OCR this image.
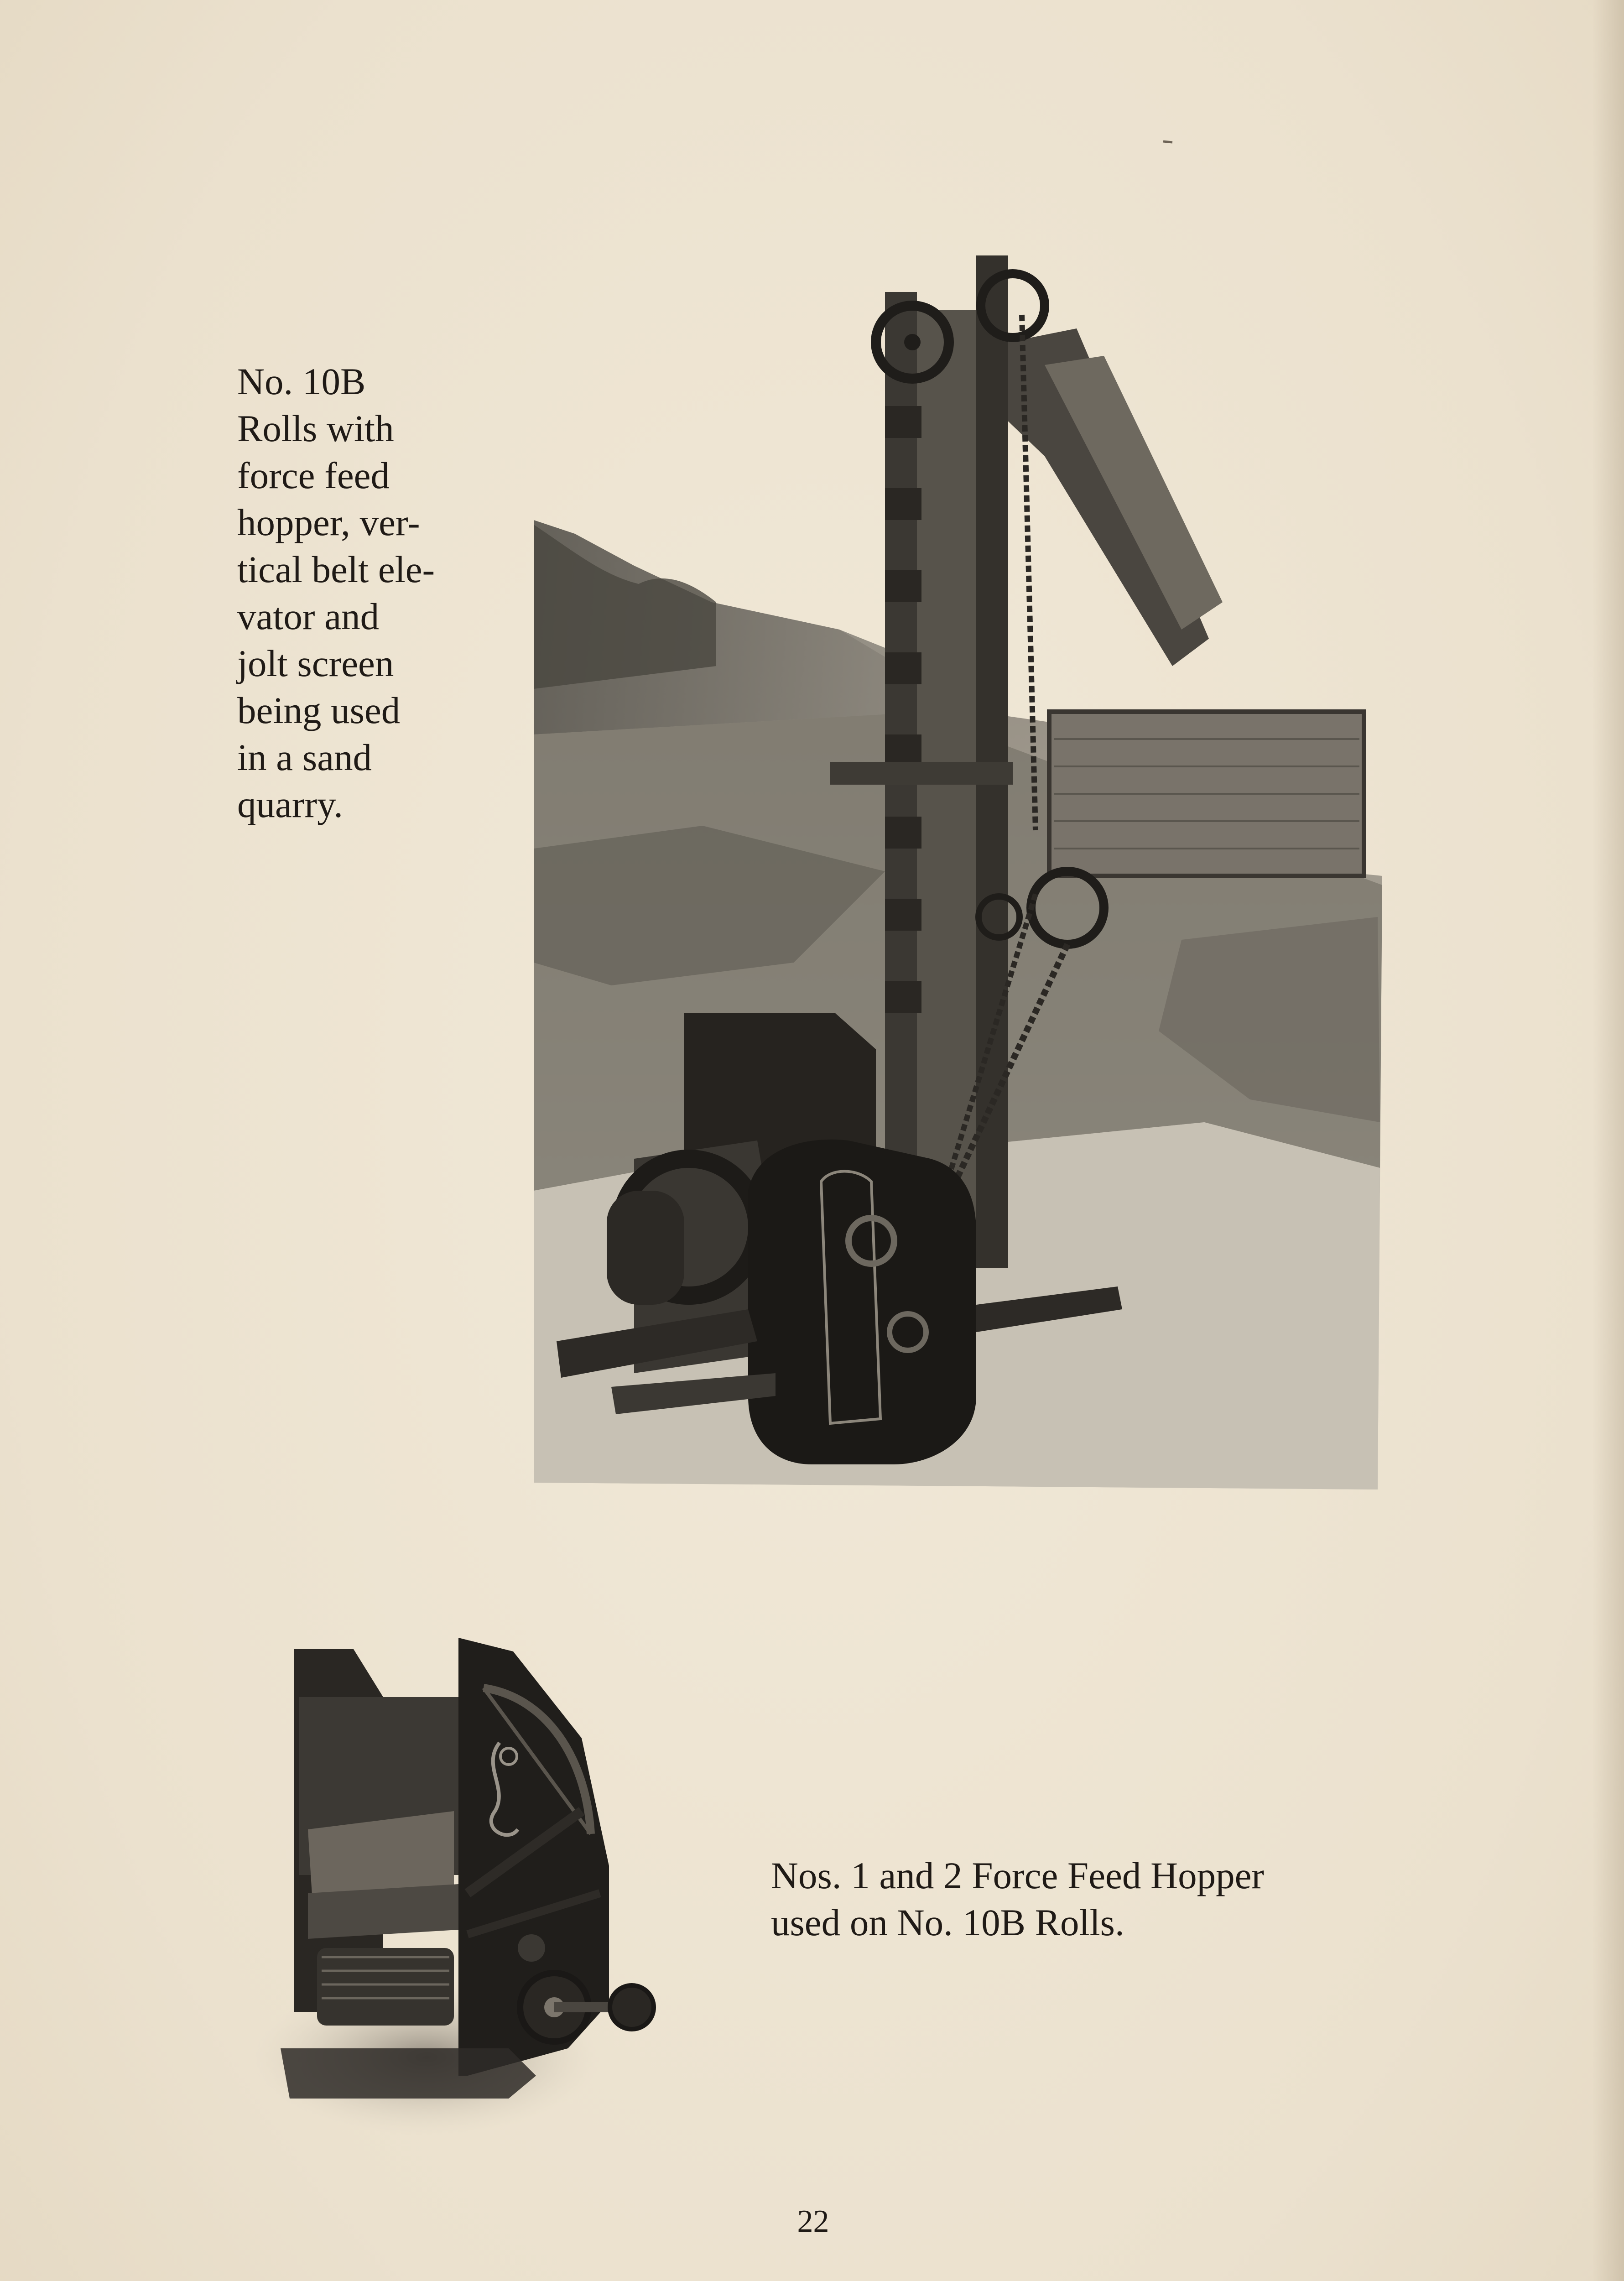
No. 10B
Rolls with
force feed
hopper, ver-
tical belt ele-
vator and
jolt screen
being used
in a sand
quarry.
Nos. 1 and 2 Force Feed Hopper
used on No. 10B Rolls.
22
